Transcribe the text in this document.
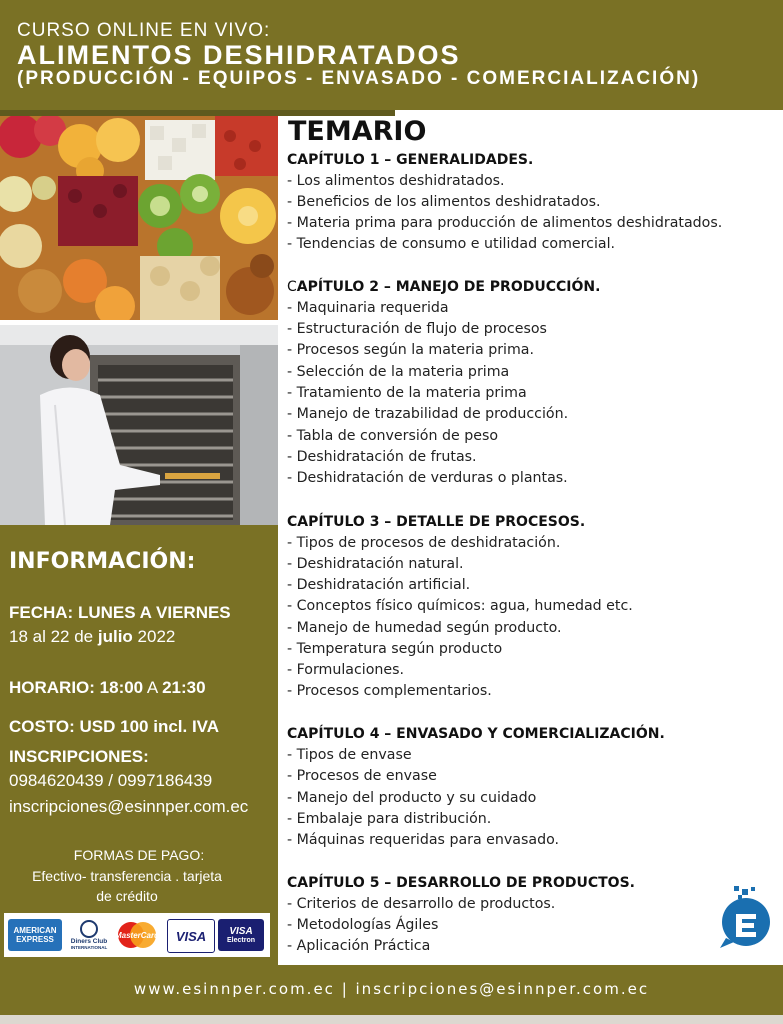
CURSO ONLINE EN VIVO:
ALIMENTOS DESHIDRATADOS
(PRODUCCIÓN - EQUIPOS - ENVASADO - COMERCIALIZACIÓN)
INFORMACIÓN:
FECHA: LUNES A VIERNES
18 al 22 de julio 2022
HORARIO: 18:00 A 21:30
COSTO: USD 100 incl. IVA
INSCRIPCIONES:
0984620439 / 0997186439
inscripciones@esinnper.com.ec
FORMAS DE PAGO:
Efectivo- transferencia . tarjeta
de crédito
AMERICAN EXPRESS	Diners Club
INTERNATIONAL
MasterCard	VISA	VISA
Electron
TEMARIO
CAPÍTULO 1 – GENERALIDADES.
- Los alimentos deshidratados.
- Beneficios de los alimentos deshidratados.
- Materia prima para producción de alimentos deshidratados.
- Tendencias de consumo e utilidad comercial.
CAPÍTULO 2 – MANEJO DE PRODUCCIÓN.
- Maquinaria requerida
- Estructuración de flujo de procesos
- Procesos según la materia prima.
- Selección de la materia prima
- Tratamiento de la materia prima
- Manejo de trazabilidad de producción.
- Tabla de conversión de peso
- Deshidratación de frutas.
- Deshidratación de verduras o plantas.
CAPÍTULO 3 – DETALLE DE PROCESOS.
- Tipos de procesos de deshidratación.
- Deshidratación natural.
- Deshidratación artificial.
- Conceptos físico químicos: agua, humedad etc.
- Manejo de humedad según producto.
- Temperatura según producto
- Formulaciones.
- Procesos complementarios.
CAPÍTULO 4 – ENVASADO Y COMERCIALIZACIÓN.
- Tipos de envase
- Procesos de envase
- Manejo del producto y su cuidado
- Embalaje para distribución.
- Máquinas requeridas para envasado.
CAPÍTULO 5 – DESARROLLO DE PRODUCTOS.
- Criterios de desarrollo de productos.
- Metodologías Ágiles
- Aplicación Práctica
www.esinnper.com.ec | inscripciones@esinnper.com.ec
